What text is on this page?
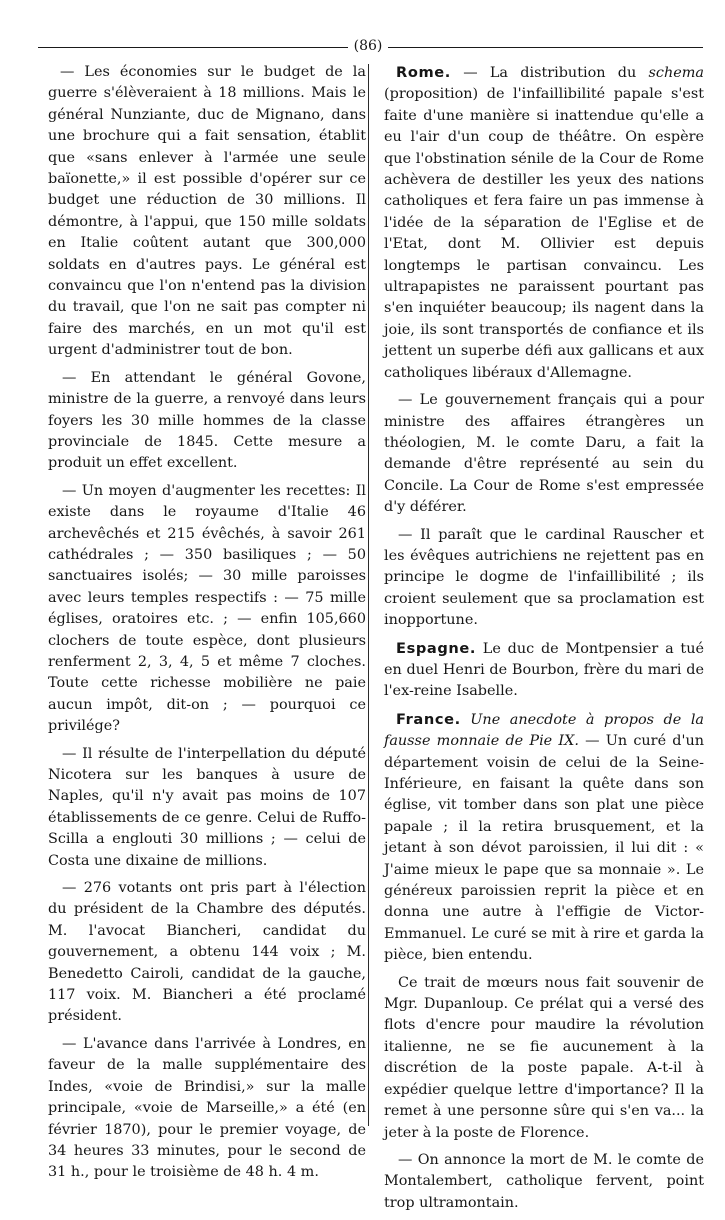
(86)

— Les économies sur le budget de la guerre s'élèveraient à 18 millions. Mais le général Nunziante, duc de Mignano, dans une brochure qui a fait sensation, établit que «sans enlever à l'armée une seule baïonette,» il est possible d'opérer sur ce budget une réduction de 30 millions. Il démontre, à l'appui, que 150 mille soldats en Italie coûtent autant que 300,000 soldats en d'autres pays. Le général est convaincu que l'on n'entend pas la division du travail, que l'on ne sait pas compter ni faire des marchés, en un mot qu'il est urgent d'administrer tout de bon.

— En attendant le général Govone, ministre de la guerre, a renvoyé dans leurs foyers les 30 mille hommes de la classe provinciale de 1845. Cette mesure a produit un effet excellent.

— Un moyen d'augmenter les recettes: Il existe dans le royaume d'Italie 46 archevêchés et 215 évêchés, à savoir 261 cathédrales ; — 350 basiliques ; — 50 sanctuaires isolés; — 30 mille paroisses avec leurs temples respectifs : — 75 mille églises, oratoires etc. ; — enfin 105,660 clochers de toute espèce, dont plusieurs renferment 2, 3, 4, 5 et même 7 cloches. Toute cette richesse mobilière ne paie aucun impôt, dit-on ; — pourquoi ce privilége?

— Il résulte de l'interpellation du député Nicotera sur les banques à usure de Naples, qu'il n'y avait pas moins de 107 établissements de ce genre. Celui de Ruffo-Scilla a englouti 30 millions ; — celui de Costa une dixaine de millions.

— 276 votants ont pris part à l'élection du président de la Chambre des députés. M. l'avocat Biancheri, candidat du gouvernement, a obtenu 144 voix ; M. Benedetto Cairoli, candidat de la gauche, 117 voix. M. Biancheri a été proclamé président.

— L'avance dans l'arrivée à Londres, en faveur de la malle supplémentaire des Indes, «voie de Brindisi,» sur la malle principale, «voie de Marseille,» a été (en février 1870), pour le premier voyage, de 34 heures 33 minutes, pour le second de 31 h., pour le troisième de 48 h. 4 m.

Rome. — La distribution du schema (proposition) de l'infaillibilité papale s'est faite d'une manière si inattendue qu'elle a eu l'air d'un coup de théâtre. On espère que l'obstination sénile de la Cour de Rome achèvera de destiller les yeux des nations catholiques et fera faire un pas immense à l'idée de la séparation de l'Eglise et de l'Etat, dont M. Ollivier est depuis longtemps le partisan convaincu. Les ultrapapistes ne paraissent pourtant pas s'en inquiéter beaucoup; ils nagent dans la joie, ils sont transportés de confiance et ils jettent un superbe défi aux gallicans et aux catholiques libéraux d'Allemagne.

— Le gouvernement français qui a pour ministre des affaires étrangères un théologien, M. le comte Daru, a fait la demande d'être représenté au sein du Concile. La Cour de Rome s'est empressée d'y déférer.

— Il paraît que le cardinal Rauscher et les évêques autrichiens ne rejettent pas en principe le dogme de l'infaillibilité ; ils croient seulement que sa proclamation est inopportune.

Espagne. Le duc de Montpensier a tué en duel Henri de Bourbon, frère du mari de l'ex-reine Isabelle.

France. Une anecdote à propos de la fausse monnaie de Pie IX. — Un curé d'un département voisin de celui de la Seine-Inférieure, en faisant la quête dans son église, vit tomber dans son plat une pièce papale ; il la retira brusquement, et la jetant à son dévot paroissien, il lui dit : « J'aime mieux le pape que sa monnaie ». Le généreux paroissien reprit la pièce et en donna une autre à l'effigie de Victor-Emmanuel. Le curé se mit à rire et garda la pièce, bien entendu.

Ce trait de mœurs nous fait souvenir de Mgr. Dupanloup. Ce prélat qui a versé des flots d'encre pour maudire la révolution italienne, ne se fie aucunement à la discrétion de la poste papale. A-t-il à expédier quelque lettre d'importance? Il la remet à une personne sûre qui s'en va... la jeter à la poste de Florence.

— On annonce la mort de M. le comte de Montalembert, catholique fervent, point trop ultramontain.
